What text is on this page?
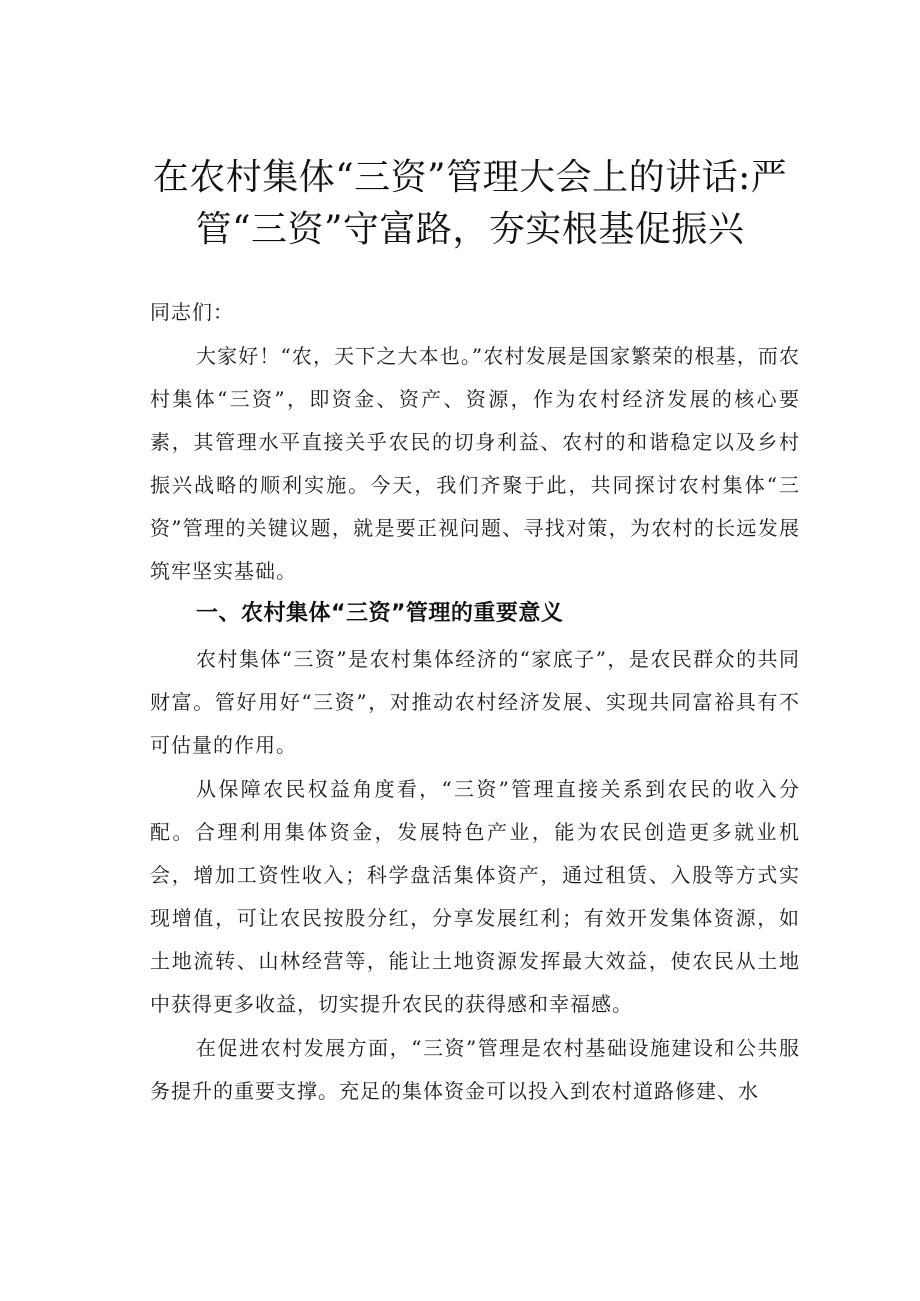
在农村集体“三资”管理大会上的讲话:严管“三资”守富路，夯实根基促振兴

同志们：

大家好！“农，天下之大本也。”农村发展是国家繁荣的根基，而农村集体“三资”，即资金、资产、资源，作为农村经济发展的核心要素，其管理水平直接关乎农民的切身利益、农村的和谐稳定以及乡村振兴战略的顺利实施。今天，我们齐聚于此，共同探讨农村集体“三资”管理的关键议题，就是要正视问题、寻找对策，为农村的长远发展筑牢坚实基础。

一、农村集体“三资”管理的重要意义

农村集体“三资”是农村集体经济的“家底子”，是农民群众的共同财富。管好用好“三资”，对推动农村经济发展、实现共同富裕具有不可估量的作用。

从保障农民权益角度看，“三资”管理直接关系到农民的收入分配。合理利用集体资金，发展特色产业，能为农民创造更多就业机会，增加工资性收入；科学盘活集体资产，通过租赁、入股等方式实现增值，可让农民按股分红，分享发展红利；有效开发集体资源，如土地流转、山林经营等，能让土地资源发挥最大效益，使农民从土地中获得更多收益，切实提升农民的获得感和幸福感。

在促进农村发展方面，“三资”管理是农村基础设施建设和公共服务提升的重要支撑。充足的集体资金可以投入到农村道路修建、水
